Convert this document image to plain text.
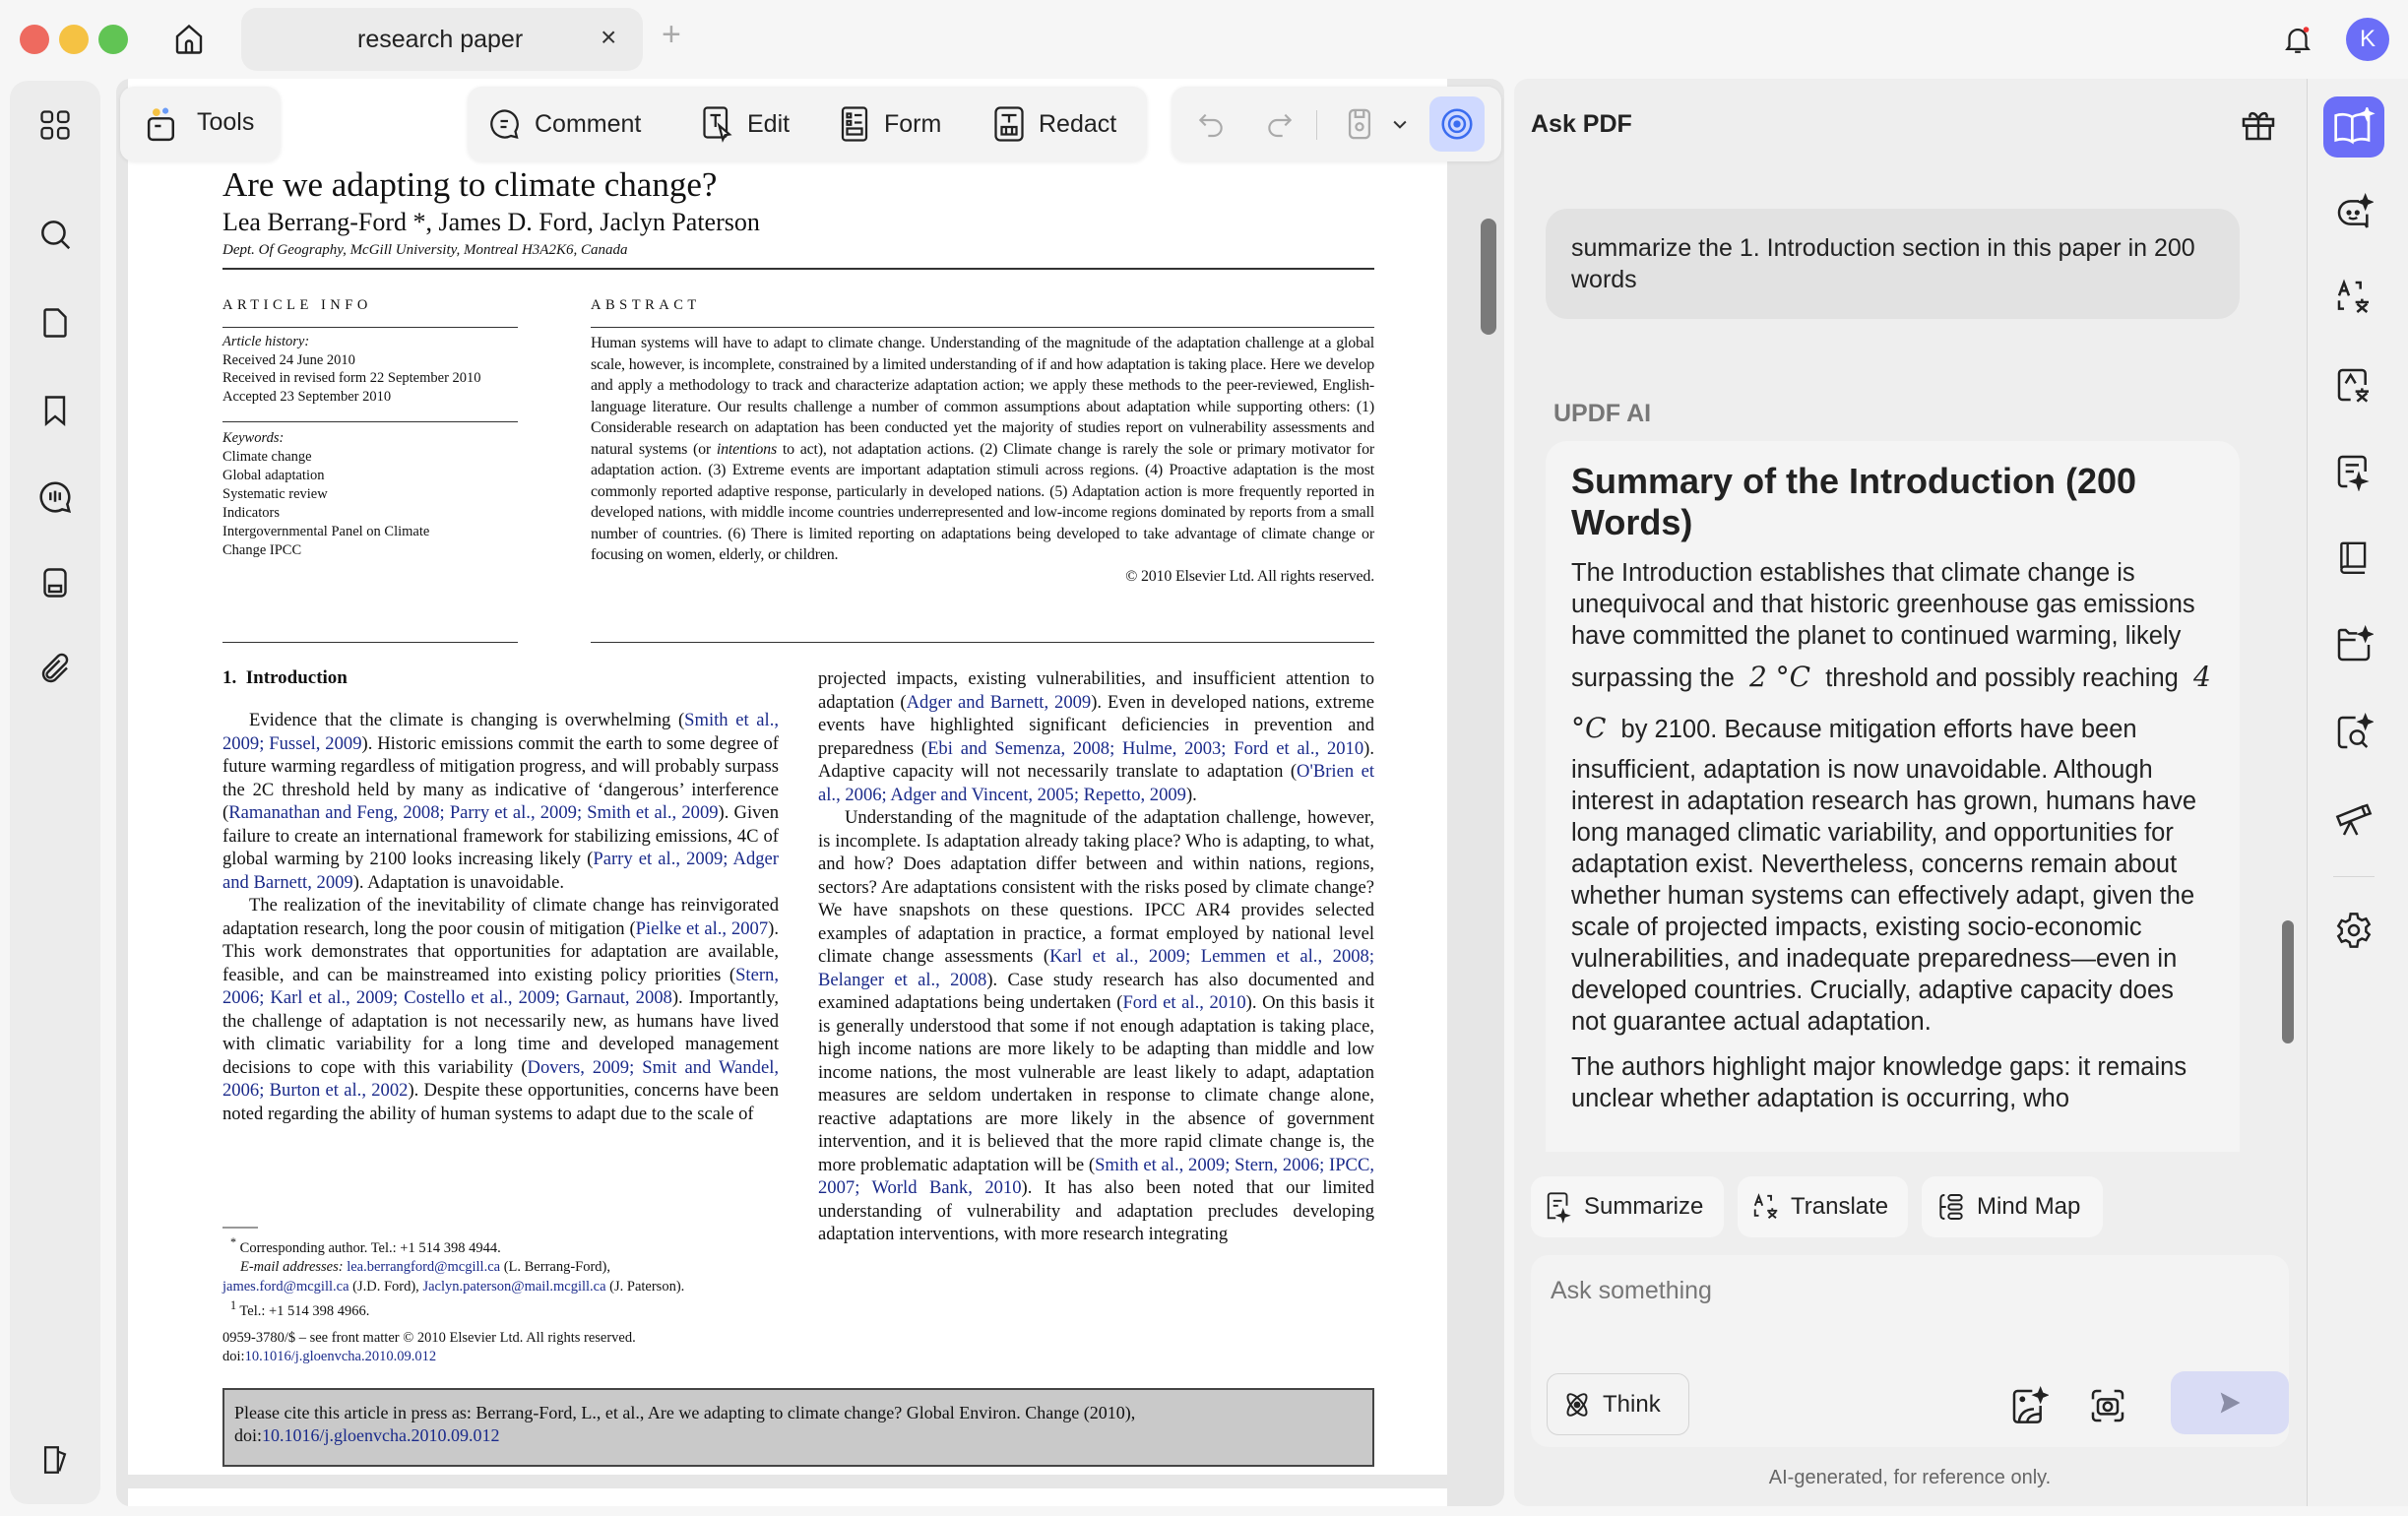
research paper	× +	K
Are we adapting to climate change?
Lea Berrang-Ford *, James D. Ford, Jaclyn Paterson
Dept. Of Geography, McGill University, Montreal H3A2K6, Canada
ARTICLE INFO	ABSTRACT
Article history:
Received 24 June 2010
Received in revised form 22 September 2010
Accepted 23 September 2010
Keywords:
Climate change
Global adaptation
Systematic review
Indicators
Intergovernmental Panel on Climate
Change IPCC
Human systems will have to adapt to climate change. Understanding of the magnitude of the adaptation challenge at a global scale, however, is incomplete, constrained by a limited understanding of if and how adaptation is taking place. Here we develop and apply a methodology to track and characterize adaptation action; we apply these methods to the peer-reviewed, English-language literature. Our results challenge a number of common assumptions about adaptation while supporting others: (1) Considerable research on adaptation has been conducted yet the majority of studies report on vulnerability assessments and natural systems (or intentions to act), not adaptation actions. (2) Climate change is rarely the sole or primary motivator for adaptation action. (3) Extreme events are important adaptation stimuli across regions. (4) Proactive adaptation is the most commonly reported adaptive response, particularly in developed nations. (5) Adaptation action is more frequently reported in developed nations, with middle income countries underrepresented and low-income regions dominated by reports from a small number of countries. (6) There is limited reporting on adaptations being developed to take advantage of climate change or focusing on women, elderly, or children.
© 2010 Elsevier Ltd. All rights reserved.
1.  Introduction

Evidence that the climate is changing is overwhelming (Smith et al., 2009; Fussel, 2009). Historic emissions commit the earth to some degree of future warming regardless of mitigation progress, and will probably surpass the 2C threshold held by many as indicative of ‘dangerous’ interference (Ramanathan and Feng, 2008; Parry et al., 2009; Smith et al., 2009). Given failure to create an international framework for stabilizing emissions, 4C of global warming by 2100 looks increasing likely (Parry et al., 2009; Adger and Barnett, 2009). Adaptation is unavoidable.

The realization of the inevitability of climate change has reinvigorated adaptation research, long the poor cousin of mitigation (Pielke et al., 2007). This work demonstrates that opportunities for adaptation are available, feasible, and can be mainstreamed into existing policy priorities (Stern, 2006; Karl et al., 2009; Costello et al., 2009; Garnaut, 2008). Importantly, the challenge of adaptation is not necessarily new, as humans have lived with climatic variability for a long time and developed management decisions to cope with this variability (Dovers, 2009; Smit and Wandel, 2006; Burton et al., 2002). Despite these opportunities, concerns have been noted regarding the ability of human systems to adapt due to the scale of

projected impacts, existing vulnerabilities, and insufficient attention to adaptation (Adger and Barnett, 2009). Even in developed nations, extreme events have highlighted significant deficiencies in prevention and preparedness (Ebi and Semenza, 2008; Hulme, 2003; Ford et al., 2010). Adaptive capacity will not necessarily translate to adaptation (O'Brien et al., 2006; Adger and Vincent, 2005; Repetto, 2009).

Understanding of the magnitude of the adaptation challenge, however, is incomplete. Is adaptation already taking place? Who is adapting, to what, and how? Does adaptation differ between and within nations, regions, sectors? Are adaptations consistent with the risks posed by climate change? We have snapshots on these questions. IPCC AR4 provides selected examples of adaptation in practice, a format employed by national level climate change assessments (Karl et al., 2009; Lemmen et al., 2008; Belanger et al., 2008). Case study research has also documented and examined adaptations being undertaken (Ford et al., 2010). On this basis it is generally understood that some if not enough adaptation is taking place, high income nations are more likely to be adapting than middle and low income nations, the most vulnerable are least likely to adapt, adaptation measures are seldom undertaken in response to climate change alone, reactive adaptations are more likely in the absence of government intervention, and it is believed that the more rapid climate change is, the more problematic adaptation will be (Smith et al., 2009; Stern, 2006; IPCC, 2007; World Bank, 2010). It has also been noted that our limited understanding of vulnerability and adaptation precludes developing adaptation interventions, with more research integrating

* Corresponding author. Tel.: +1 514 398 4944.
E-mail addresses: lea.berrangford@mcgill.ca (L. Berrang-Ford),
james.ford@mcgill.ca (J.D. Ford), Jaclyn.paterson@mail.mcgill.ca (J. Paterson).
$^1$ Tel.: +1 514 398 4966.
0959-3780/$ – see front matter © 2010 Elsevier Ltd. All rights reserved.
doi:10.1016/j.gloenvcha.2010.09.012
Please cite this article in press as: Berrang-Ford, L., et al., Are we adapting to climate change? Global Environ. Change (2010),
doi:10.1016/j.gloenvcha.2010.09.012
Tools	Comment	Edit	Form	Redact	Ask PDF
summarize the 1. Introduction section in this paper in 200 words
UPDF AI
Summary of the Introduction (200 Words)
The Introduction establishes that climate change is unequivocal and that historic greenhouse gas emissions have committed the planet to continued warming, likely surpassing the 2 °C threshold and possibly reaching 4 °C by 2100. Because mitigation efforts have been insufficient, adaptation is now unavoidable. Although interest in adaptation research has grown, humans have long managed climatic variability, and opportunities for adaptation exist. Nevertheless, concerns remain about whether human systems can effectively adapt, given the scale of projected impacts, existing socio-economic vulnerabilities, and inadequate preparedness—even in developed countries. Crucially, adaptive capacity does not guarantee actual adaptation.
The authors highlight major knowledge gaps: it remains unclear whether adaptation is occurring, who
Summarize	Translate	Mind Map
Ask something
Think
AI-generated, for reference only.
